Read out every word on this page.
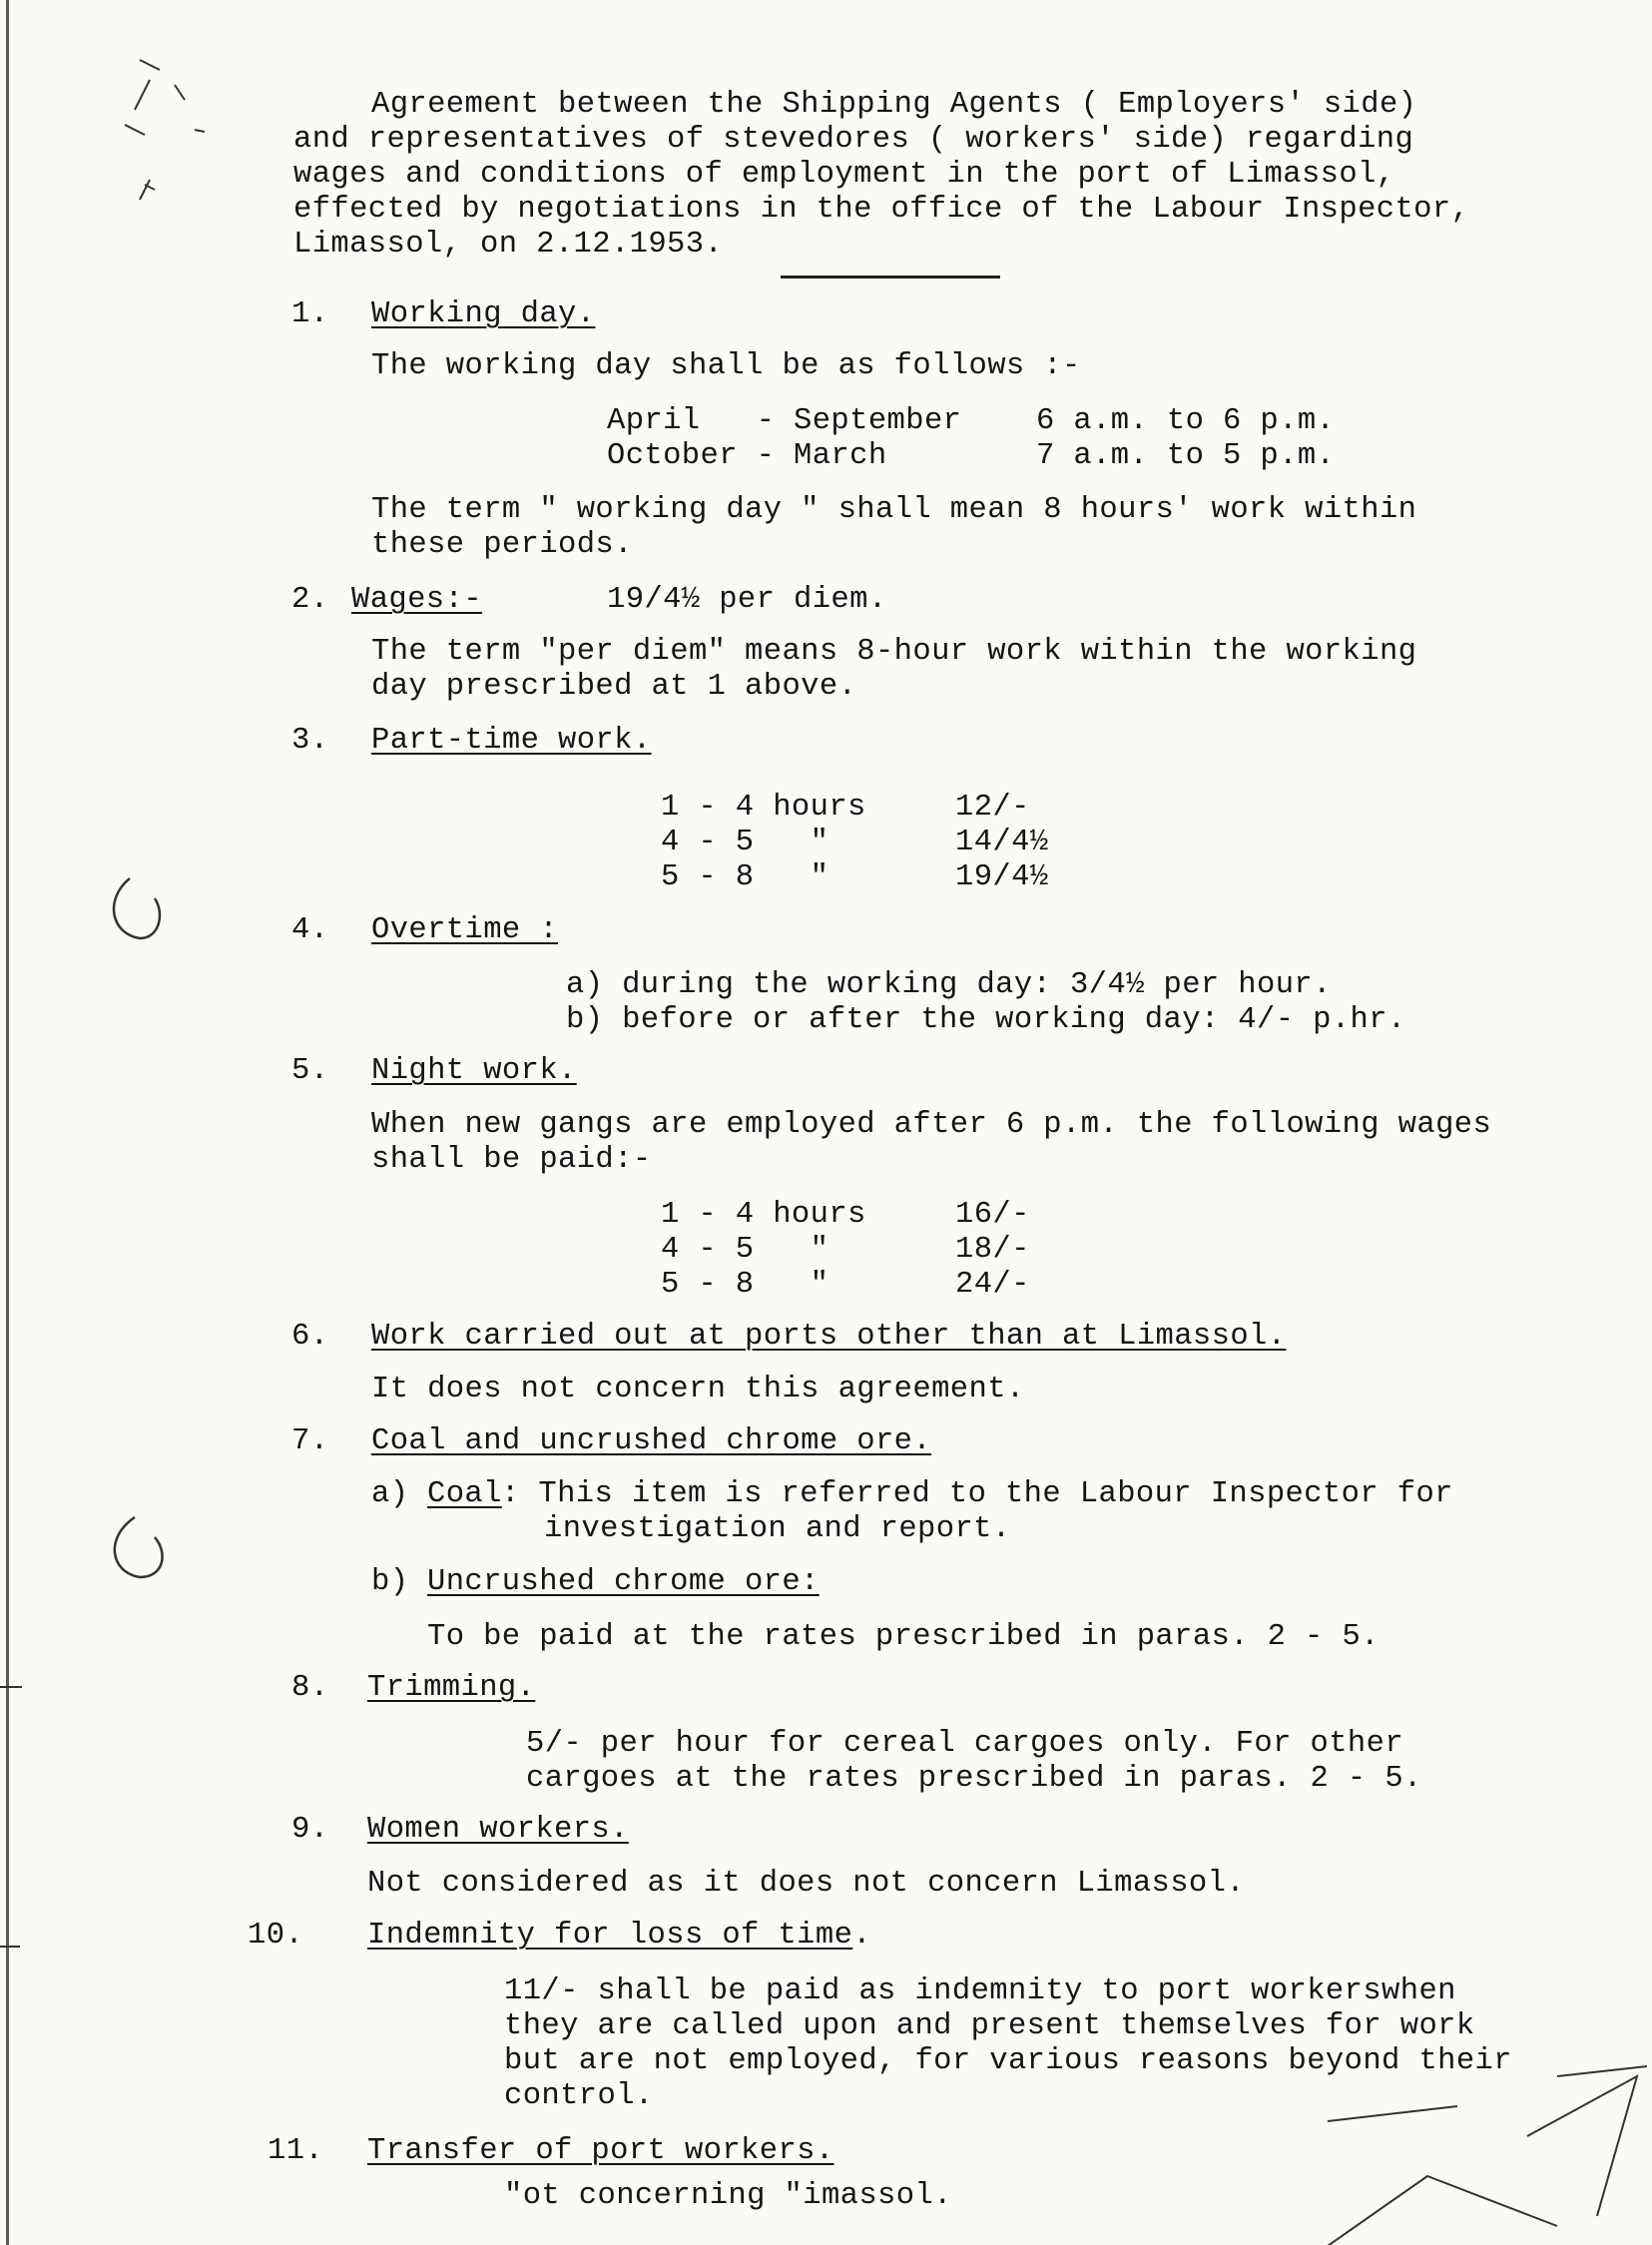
Agreement between the Shipping Agents ( Employers' side)
and representatives of stevedores ( workers' side) regarding
wages and conditions of employment in the port of Limassol,
effected by negotiations in the office of the Labour Inspector,
Limassol, on 2.12.1953.
1. Working day.
The working day shall be as follows :-
April   - September 6 a.m. to 6 p.m.
October - March	7 a.m. to 5 p.m.
The term " working day " shall mean 8 hours' work within
these periods.
2. Wages:-	19/4½ per diem.
The term "per diem" means 8-hour work within the working
day prescribed at 1 above.
3. Part-time work.
1 - 4 hours	12/-
4 - 5   "	14/4½
5 - 8   "	19/4½
4. Overtime :
a) during the working day: 3/4½ per hour.
b) before or after the working day: 4/- p.hr.
5. Night work.
When new gangs are employed after 6 p.m. the following wages
shall be paid:-
1 - 4 hours	16/-
4 - 5   "	18/-
5 - 8   "	24/-
6. Work carried out at ports other than at Limassol.
It does not concern this agreement.
7. Coal and uncrushed chrome ore.
a) Coal : This item is referred to the Labour Inspector for
investigation and report.
b) Uncrushed chrome ore:
To be paid at the rates prescribed in paras. 2 - 5.
8. Trimming.
5/- per hour for cereal cargoes only. For other
cargoes at the rates prescribed in paras. 2 - 5.
9. Women workers.
Not considered as it does not concern Limassol.
10. Indemnity for loss of time.
11/- shall be paid as indemnity to port workerswhen
they are called upon and present themselves for work
but are not employed, for various reasons beyond their
control.
11. Transfer of port workers.
"ot concerning "imassol.
